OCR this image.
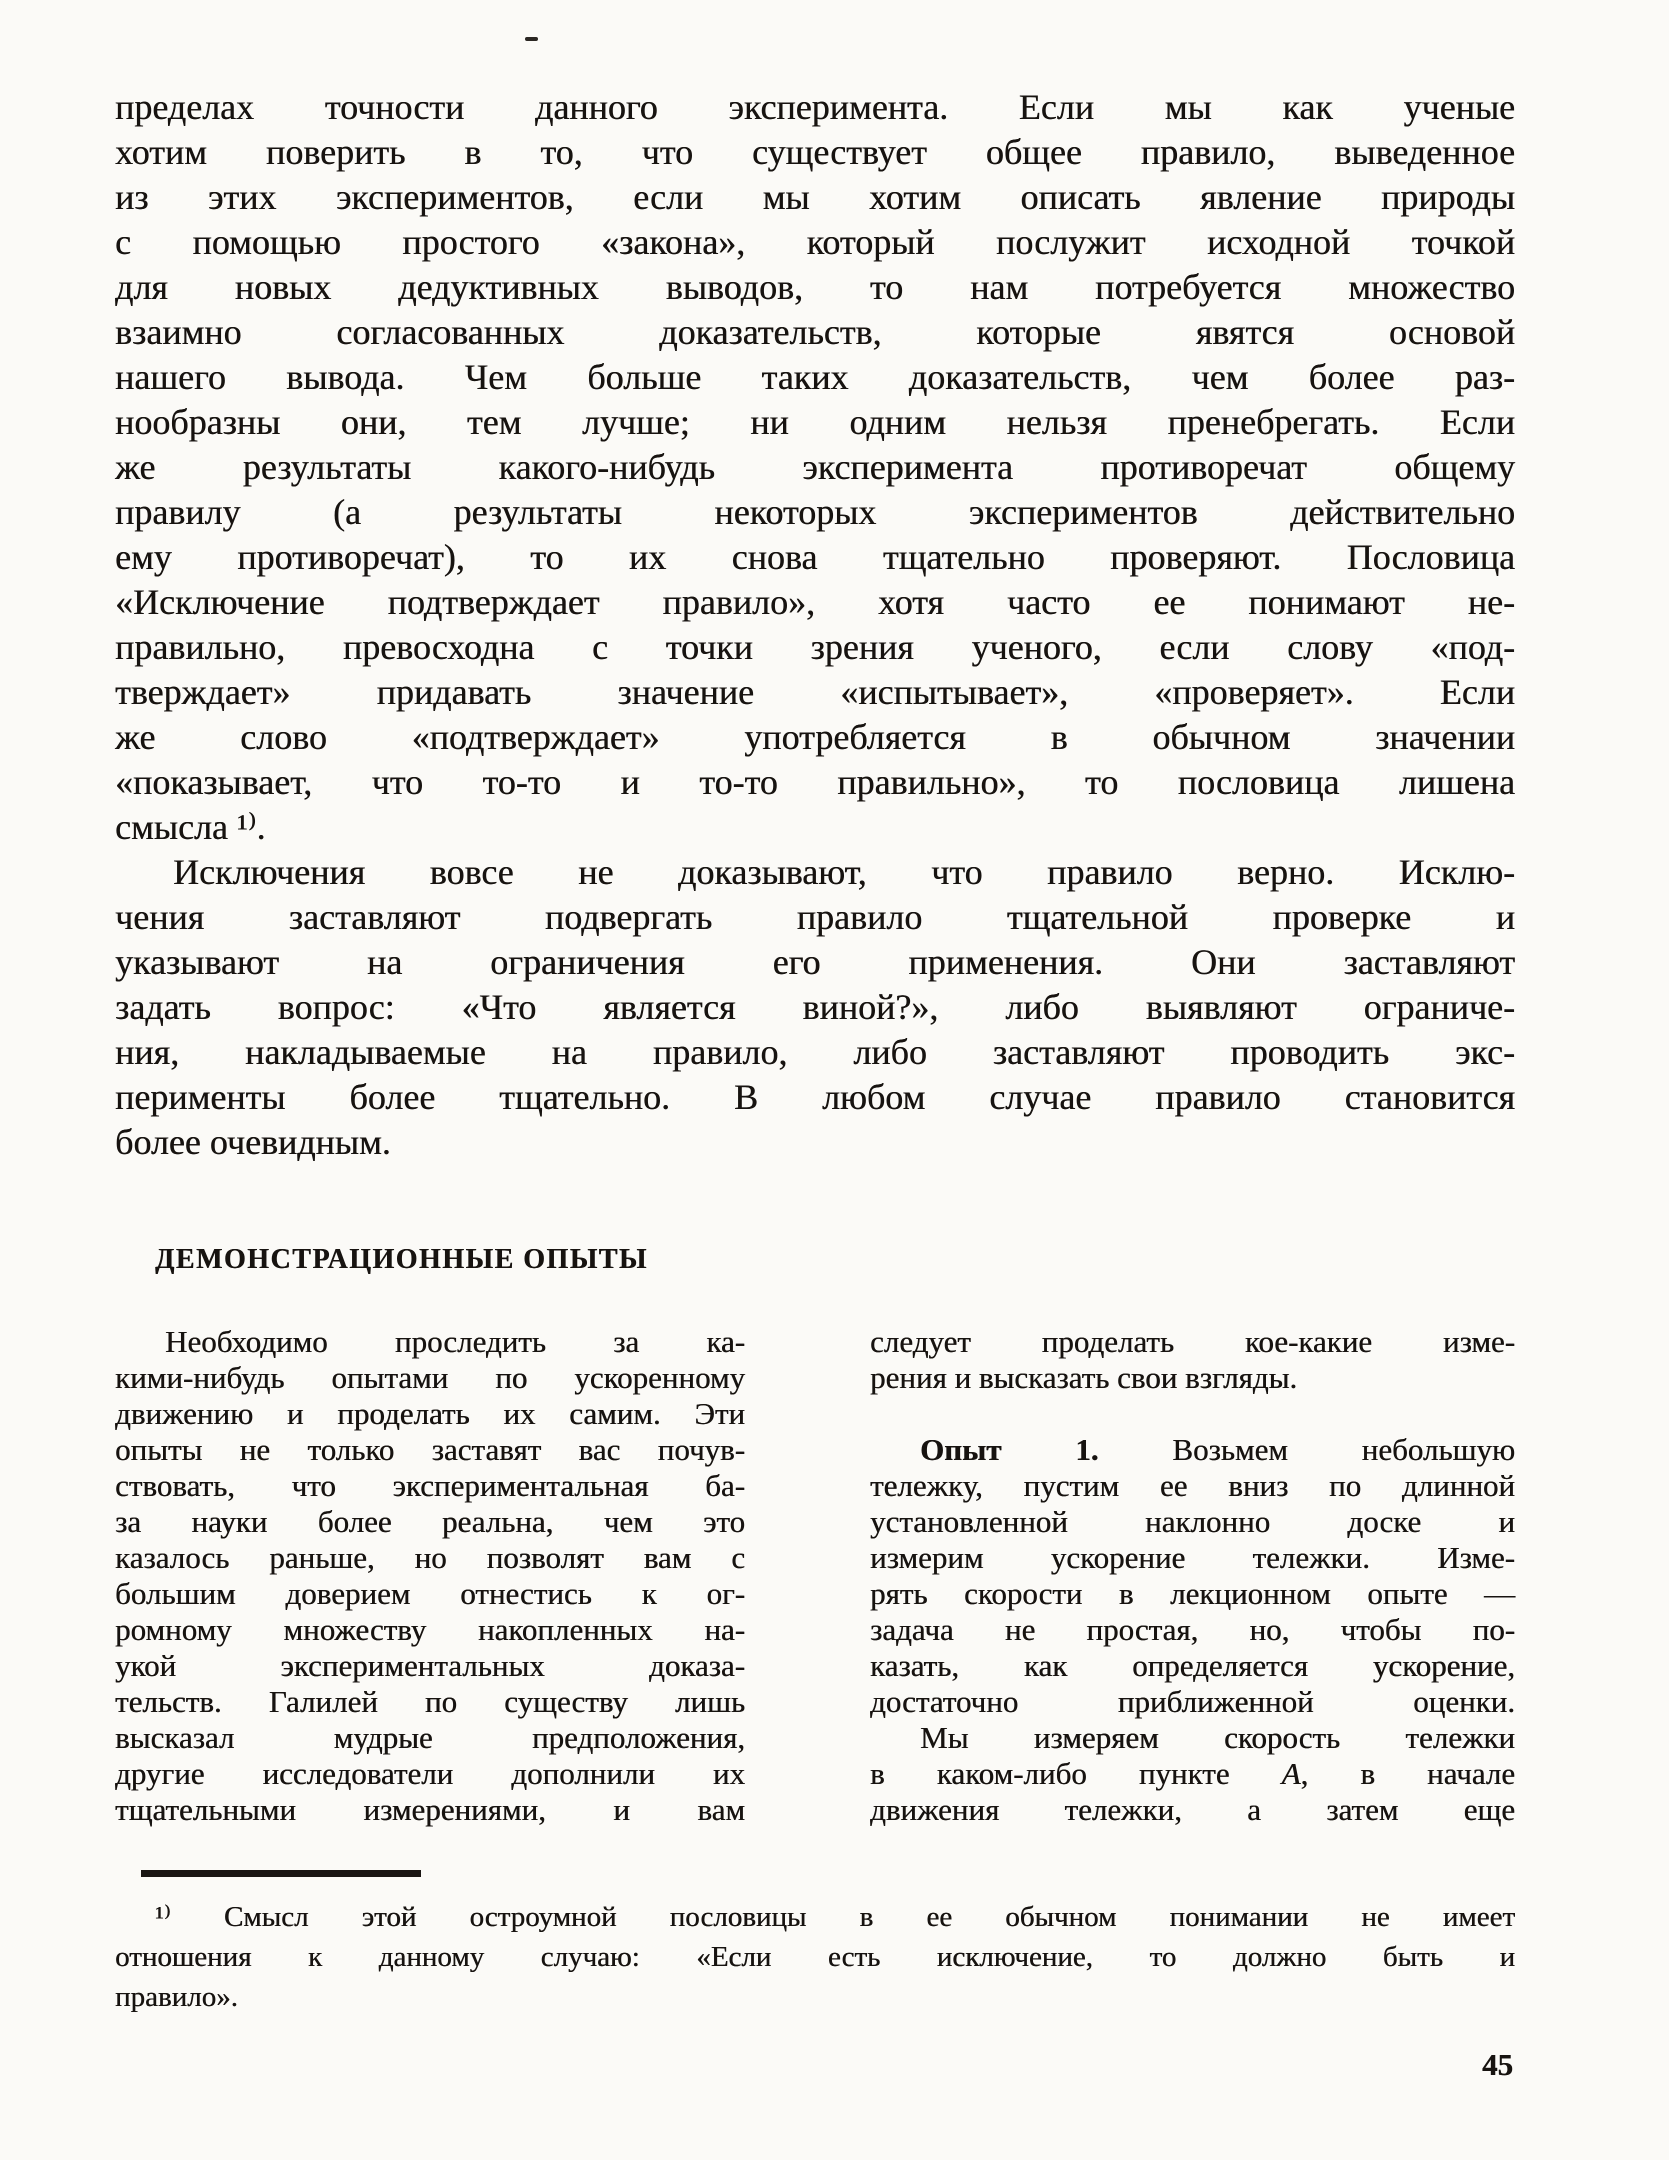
пределах точности данного эксперимента. Если мы как ученые
хотим поверить в то, что существует общее правило, выведенное
из этих экспериментов, если мы хотим описать явление природы
с помощью простого «закона», который послужит исходной точкой
для новых дедуктивных выводов, то нам потребуется множество
взаимно согласованных доказательств, которые явятся основой
нашего вывода. Чем больше таких доказательств, чем более раз-
нообразны они, тем лучше; ни одним нельзя пренебрегать. Если
же результаты какого-нибудь эксперимента противоречат общему
правилу (а результаты некоторых экспериментов действительно
ему противоречат), то их снова тщательно проверяют. Пословица
«Исключение подтверждает правило», хотя часто ее понимают не-
правильно, превосходна с точки зрения ученого, если слову «под-
тверждает» придавать значение «испытывает», «проверяет». Если
же слово «подтверждает» употребляется в обычном значении
«показывает, что то-то и то-то правильно», то пословица лишена
смысла ¹⁾.
Исключения вовсе не доказывают, что правило верно. Исклю-
чения заставляют подвергать правило тщательной проверке и
указывают на ограничения его применения. Они заставляют
задать вопрос: «Что является виной?», либо выявляют ограниче-
ния, накладываемые на правило, либо заставляют проводить экс-
перименты более тщательно. В любом случае правило становится
более очевидным.
ДЕМОНСТРАЦИОННЫЕ ОПЫТЫ
Необходимо проследить за ка-
кими-нибудь опытами по ускоренному
движению и проделать их самим. Эти
опыты не только заставят вас почув-
ствовать, что экспериментальная ба-
за науки более реальна, чем это
казалось раньше, но позволят вам с
большим доверием отнестись к ог-
ромному множеству накопленных на-
укой экспериментальных доказа-
тельств. Галилей по существу лишь
высказал мудрые предположения,
другие исследователи дополнили их
тщательными измерениями, и вам
следует проделать кое-какие изме-
рения и высказать свои взгляды.
Опыт 1. Возьмем небольшую
тележку, пустим ее вниз по длинной
установленной наклонно доске и
измерим ускорение тележки. Изме-
рять скорости в лекционном опыте —
задача не простая, но, чтобы по-
казать, как определяется ускорение,
достаточно приближенной оценки.
Мы измеряем скорость тележки
в каком-либо пункте A, в начале
движения тележки, а затем еще
¹⁾ Смысл этой остроумной пословицы в ее обычном понимании не имеет
отношения к данному случаю: «Если есть исключение, то должно быть и
правило».
45
